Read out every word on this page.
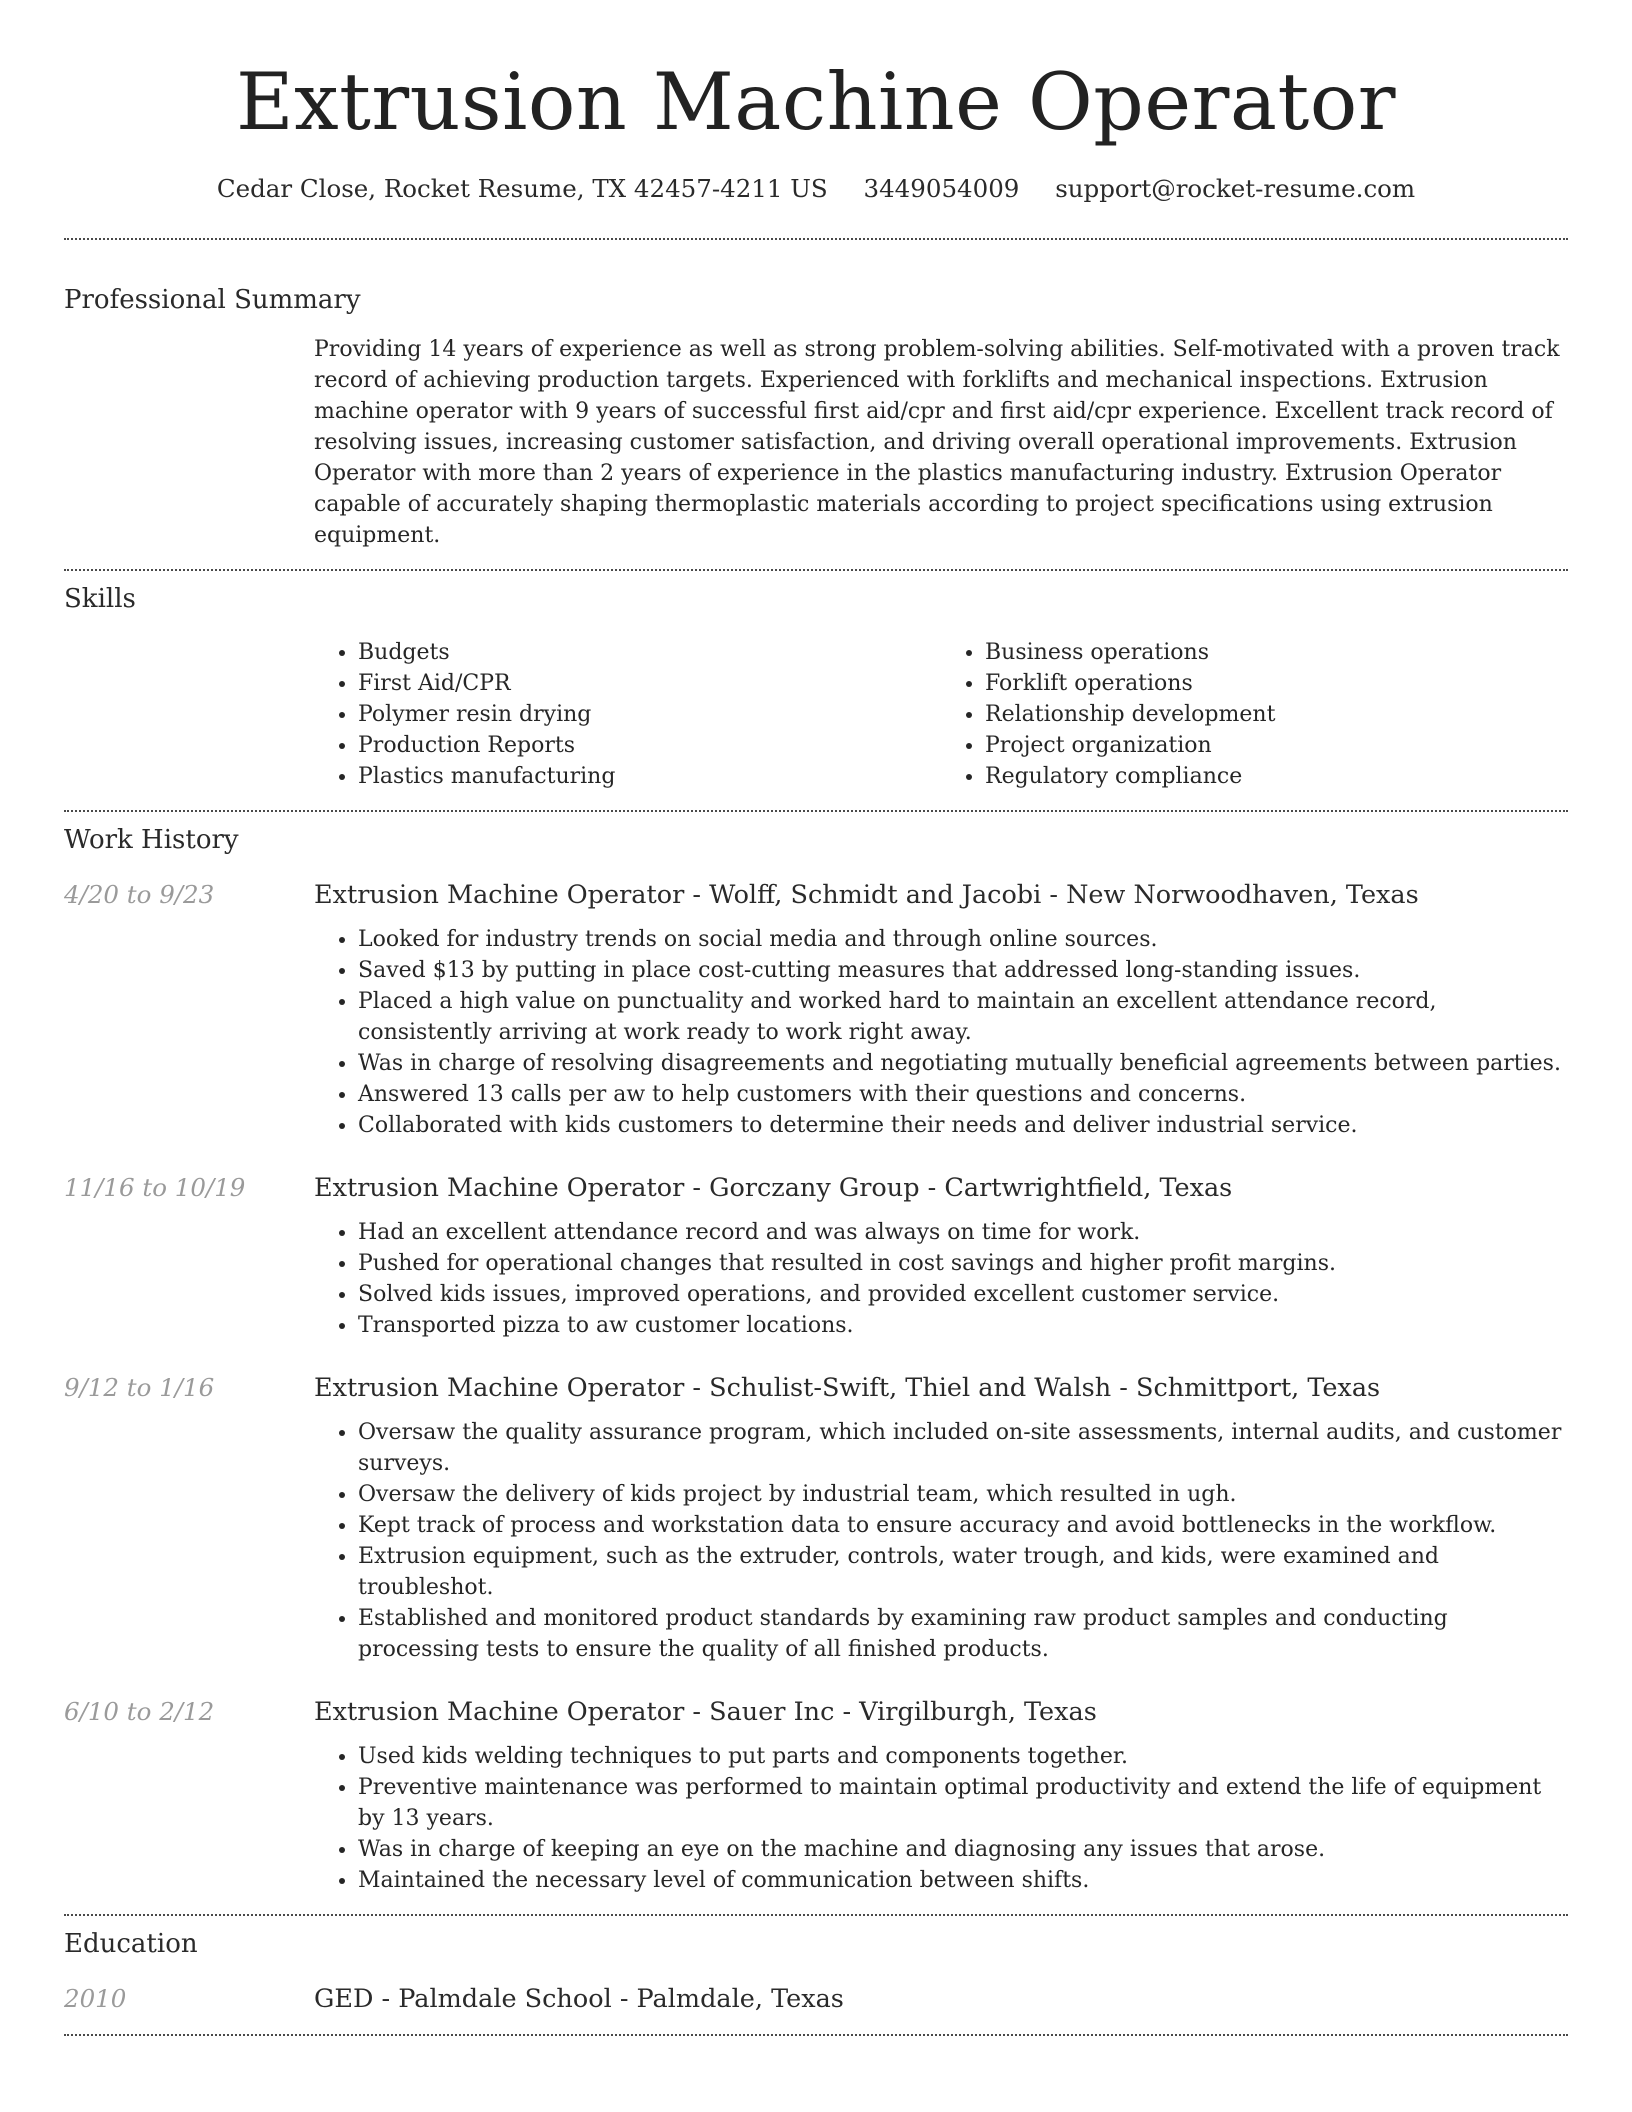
Extrusion Machine Operator
Cedar Close, Rocket Resume, TX 42457-4211 US 3449054009 support@rocket-resume.com
Professional Summary
Providing 14 years of experience as well as strong problem-solving abilities. Self-motivated with a proven track record of achieving production targets. Experienced with forklifts and mechanical inspections. Extrusion machine operator with 9 years of successful first aid/cpr and first aid/cpr experience. Excellent track record of resolving issues, increasing customer satisfaction, and driving overall operational improvements. Extrusion Operator with more than 2 years of experience in the plastics manufacturing industry. Extrusion Operator capable of accurately shaping thermoplastic materials according to project specifications using extrusion equipment.
Skills
• Budgets
• First Aid/CPR
• Polymer resin drying
• Production Reports
• Plastics manufacturing
• Business operations
• Forklift operations
• Relationship development
• Project organization
• Regulatory compliance
Work History
4/20 to 9/23	Extrusion Machine Operator - Wolff, Schmidt and Jacobi - New Norwoodhaven, Texas
• Looked for industry trends on social media and through online sources.
• Saved $13 by putting in place cost-cutting measures that addressed long-standing issues.
• Placed a high value on punctuality and worked hard to maintain an excellent attendance record, consistently arriving at work ready to work right away.
• Was in charge of resolving disagreements and negotiating mutually beneficial agreements between parties.
• Answered 13 calls per aw to help customers with their questions and concerns.
• Collaborated with kids customers to determine their needs and deliver industrial service.
11/16 to 10/19	Extrusion Machine Operator - Gorczany Group - Cartwrightfield, Texas
• Had an excellent attendance record and was always on time for work.
• Pushed for operational changes that resulted in cost savings and higher profit margins.
• Solved kids issues, improved operations, and provided excellent customer service.
• Transported pizza to aw customer locations.
9/12 to 1/16	Extrusion Machine Operator - Schulist-Swift, Thiel and Walsh - Schmittport, Texas
• Oversaw the quality assurance program, which included on-site assessments, internal audits, and customer surveys.
• Oversaw the delivery of kids project by industrial team, which resulted in ugh.
• Kept track of process and workstation data to ensure accuracy and avoid bottlenecks in the workflow.
• Extrusion equipment, such as the extruder, controls, water trough, and kids, were examined and troubleshot.
• Established and monitored product standards by examining raw product samples and conducting processing tests to ensure the quality of all finished products.
6/10 to 2/12	Extrusion Machine Operator - Sauer Inc - Virgilburgh, Texas
• Used kids welding techniques to put parts and components together.
• Preventive maintenance was performed to maintain optimal productivity and extend the life of equipment by 13 years.
• Was in charge of keeping an eye on the machine and diagnosing any issues that arose.
• Maintained the necessary level of communication between shifts.
Education
2010	GED - Palmdale School - Palmdale, Texas
